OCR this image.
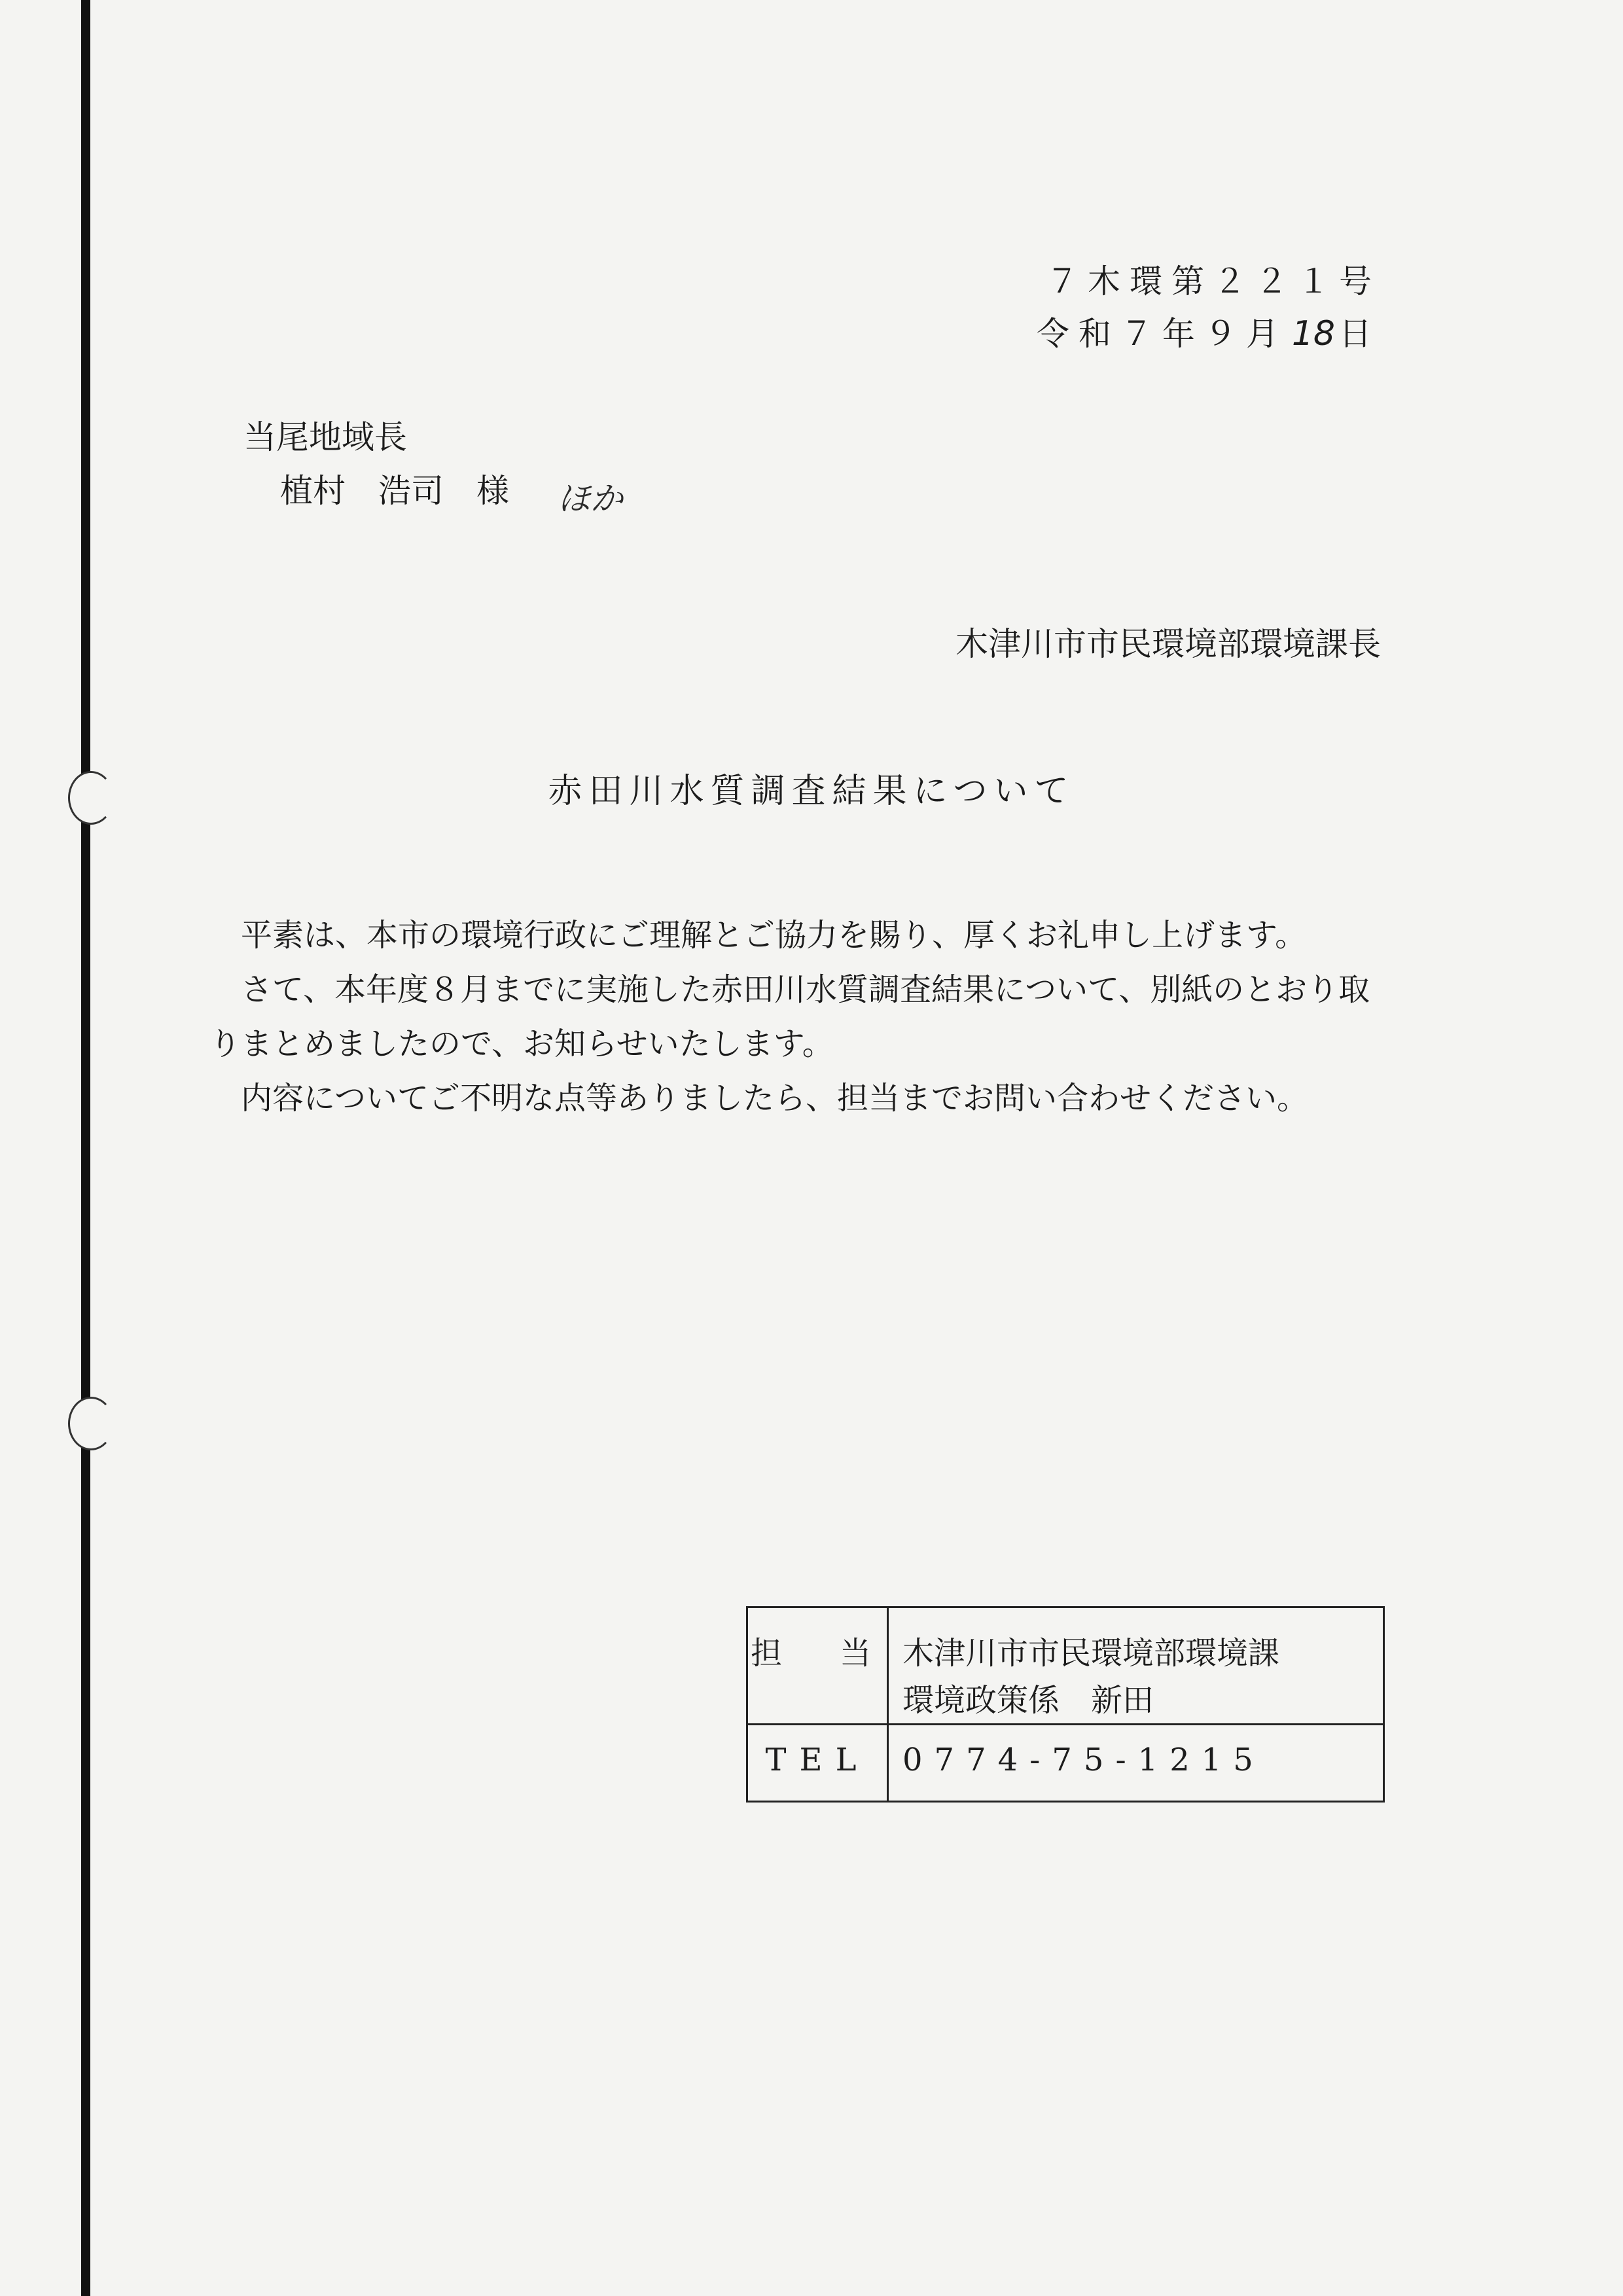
７木環第２２１号
令和７年９月 18 日
当尾地域長
植村　浩司　様 ほか
木津川市市民環境部環境課長
赤田川水質調査結果について

平素は、本市の環境行政にご理解とご協力を賜り、厚くお礼申し上げます。

さて、本年度８月までに実施した赤田川水質調査結果について、別紙のとおり取りまとめましたので、お知らせいたします。

内容についてご不明な点等ありましたら、担当までお問い合わせください。

担　当 木津川市市民環境部環境課
環境政策係　新田
TEL	0774-75-1215
